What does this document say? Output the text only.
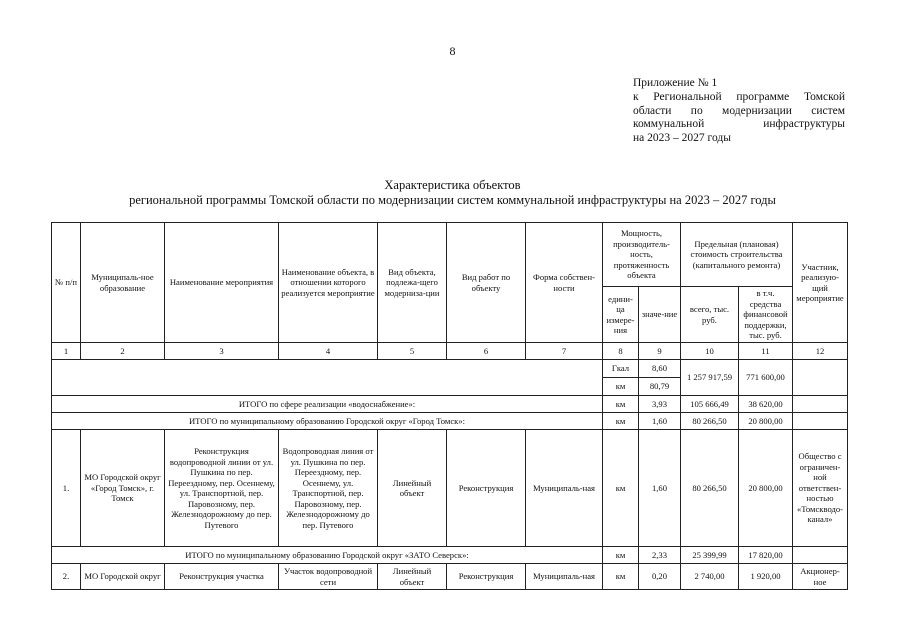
8
Приложение № 1
к Региональной программе Томской
области по модернизации систем
коммунальной инфраструктуры
на 2023 – 2027 годы
Характеристика объектов
региональной программы Томской области по модернизации систем коммунальной инфраструктуры на 2023 – 2027 годы
№ п/п	Муниципаль-ное образование	Наименование мероприятия	Наименование объекта, в отношении которого реализуется мероприятие	Вид объекта, подлежа-щего модерниза-ции	Вид работ по объекту	Форма собствен-ности	Мощность, производитель-ность, протяженность объекта		Предельная (плановая) стоимость строительства (капитального ремонта)		Участник, реализую-щий мероприятие
							едини-ца измере-ния	значе-ние	всего, тыс. руб.	в т.ч. средства финансовой поддержки, тыс. руб.	
1	2	3	4	5	6	7	8	9	10	11	12
							Гкал	8,60	1 257 917,59	771 600,00	
							км	80,79			
ИТОГО по сфере реализации «водоснабжение»:							км	3,93	105 666,49	38 620,00	
ИТОГО по муниципальному образованию Городской округ «Город Томск»:							км	1,60	80 266,50	20 800,00	
1.	МО Городской округ «Город Томск», г. Томск	Реконструкция водопроводной линии от ул. Пушкина по пер. Переездному, пер. Осеннему, ул. Транспортной, пер. Паровозному, пер. Железнодорожному до пер. Путевого	Водопроводная линия от ул. Пушкина по пер. Переездному, пер. Осеннему, ул. Транспортной, пер. Паровозному, пер. Железнодорожному до пер. Путевого	Линейный объект	Реконструкция	Муниципаль-ная	км	1,60	80 266,50	20 800,00	Общество с ограничен-ной ответствен-ностью «Томскводо-канал»
ИТОГО по муниципальному образованию Городской округ «ЗАТО Северск»:							км	2,33	25 399,99	17 820,00	
2.	МО Городской округ	Реконструкция участка	Участок водопроводной сети	Линейный объект	Реконструкция	Муниципаль-ная	км	0,20	2 740,00	1 920,00	Акционер-ное
